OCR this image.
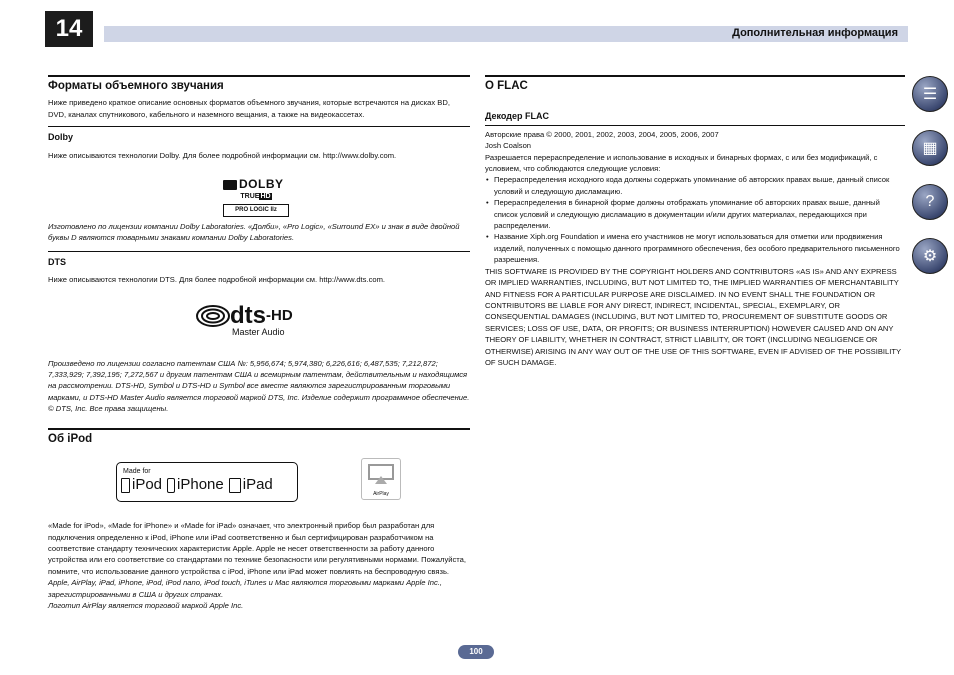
14	Дополнительная информация
Форматы объемного звучания

Ниже приведено краткое описание основных форматов объемного звучания, которые встречаются на дисках BD, DVD, каналах спутникового, кабельного и наземного вещания, а также на видеокассетах.

Dolby

Ниже описываются технологии Dolby. Для более подробной информации см. http://www.dolby.com.

DOLBY
TRUEHD
PRO LOGIC IIz

Изготовлено по лицензии компании Dolby Laboratories. «Долби», «Pro Logic», «Surround EX» и знак в виде двойной буквы D являются товарными знаками компании Dolby Laboratories.

DTS

Ниже описываются технологии DTS. Для более подробной информации см. http://www.dts.com.

dts -HD
Master Audio

Произведено по лицензии согласно патентам США №: 5,956,674; 5,974,380; 6,226,616; 6,487,535; 7,212,872; 7,333,929; 7,392,195; 7,272,567 и другим патентам США и всемирным патентам, действительным и находящимся на рассмотрении. DTS-HD, Symbol и DTS-HD и Symbol все вместе являются зарегистрированным торговыми марками, и DTS-HD Master Audio является торговой маркой DTS, Inc. Изделие содержит программное обеспечение. © DTS, Inc. Все права защищены.

Об iPod
Made for
iPod iPhone iPad
AirPlay

«Made for iPod», «Made for iPhone» и «Made for iPad» означает, что электронный прибор был разработан для подключения определенно к iPod, iPhone или iPad соответственно и был сертифицирован разработчиком на соответствие стандарту технических характеристик Apple. Apple не несет ответственности за работу данного устройства или его соответствие со стандартами по технике безопасности или регулятивными нормами. Пожалуйста, помните, что использование данного устройства с iPod, iPhone или iPad может повлиять на беспроводную связь.

Apple, AirPlay, iPad, iPhone, iPod, iPod nano, iPod touch, iTunes и Mac являются торговыми марками Apple Inc., зарегистрированными в США и других странах.

Логотип AirPlay является торговой маркой Apple Inc.

О FLAC
Декодер FLAC

Авторские права © 2000, 2001, 2002, 2003, 2004, 2005, 2006, 2007

Josh Coalson

Разрешается перераспределение и использование в исходных и бинарных формах, с или без модификаций, с условием, что соблюдаются следующие условия:

• Перераспределения исходного кода должны содержать упоминание об авторских правах выше, данный список условий и следующую дисламацию.
• Перераспределения в бинарной форме должны отображать упоминание об авторских правах выше, данный список условий и следующую дисламацию в документации и/или других материалах, передающихся при распределении.
• Название Xiph.org Foundation и имена его участников не могут использоваться для отметки или продвижения изделий, полученных с помощью данного программного обеспечения, без особого предварительного письменного разрешения.

THIS SOFTWARE IS PROVIDED BY THE COPYRIGHT HOLDERS AND CONTRIBUTORS «AS IS» AND ANY EXPRESS OR IMPLIED WARRANTIES, INCLUDING, BUT NOT LIMITED TO, THE IMPLIED WARRANTIES OF MERCHANTABILITY AND FITNESS FOR A PARTICULAR PURPOSE ARE DISCLAIMED. IN NO EVENT SHALL THE FOUNDATION OR CONTRIBUTORS BE LIABLE FOR ANY DIRECT, INDIRECT, INCIDENTAL, SPECIAL, EXEMPLARY, OR CONSEQUENTIAL DAMAGES (INCLUDING, BUT NOT LIMITED TO, PROCUREMENT OF SUBSTITUTE GOODS OR SERVICES; LOSS OF USE, DATA, OR PROFITS; OR BUSINESS INTERRUPTION) HOWEVER CAUSED AND ON ANY THEORY OF LIABILITY, WHETHER IN CONTRACT, STRICT LIABILITY, OR TORT (INCLUDING NEGLIGENCE OR OTHERWISE) ARISING IN ANY WAY OUT OF THE USE OF THIS SOFTWARE, EVEN IF ADVISED OF THE POSSIBILITY OF SUCH DAMAGE.

☰
▦
?
⚙
100
